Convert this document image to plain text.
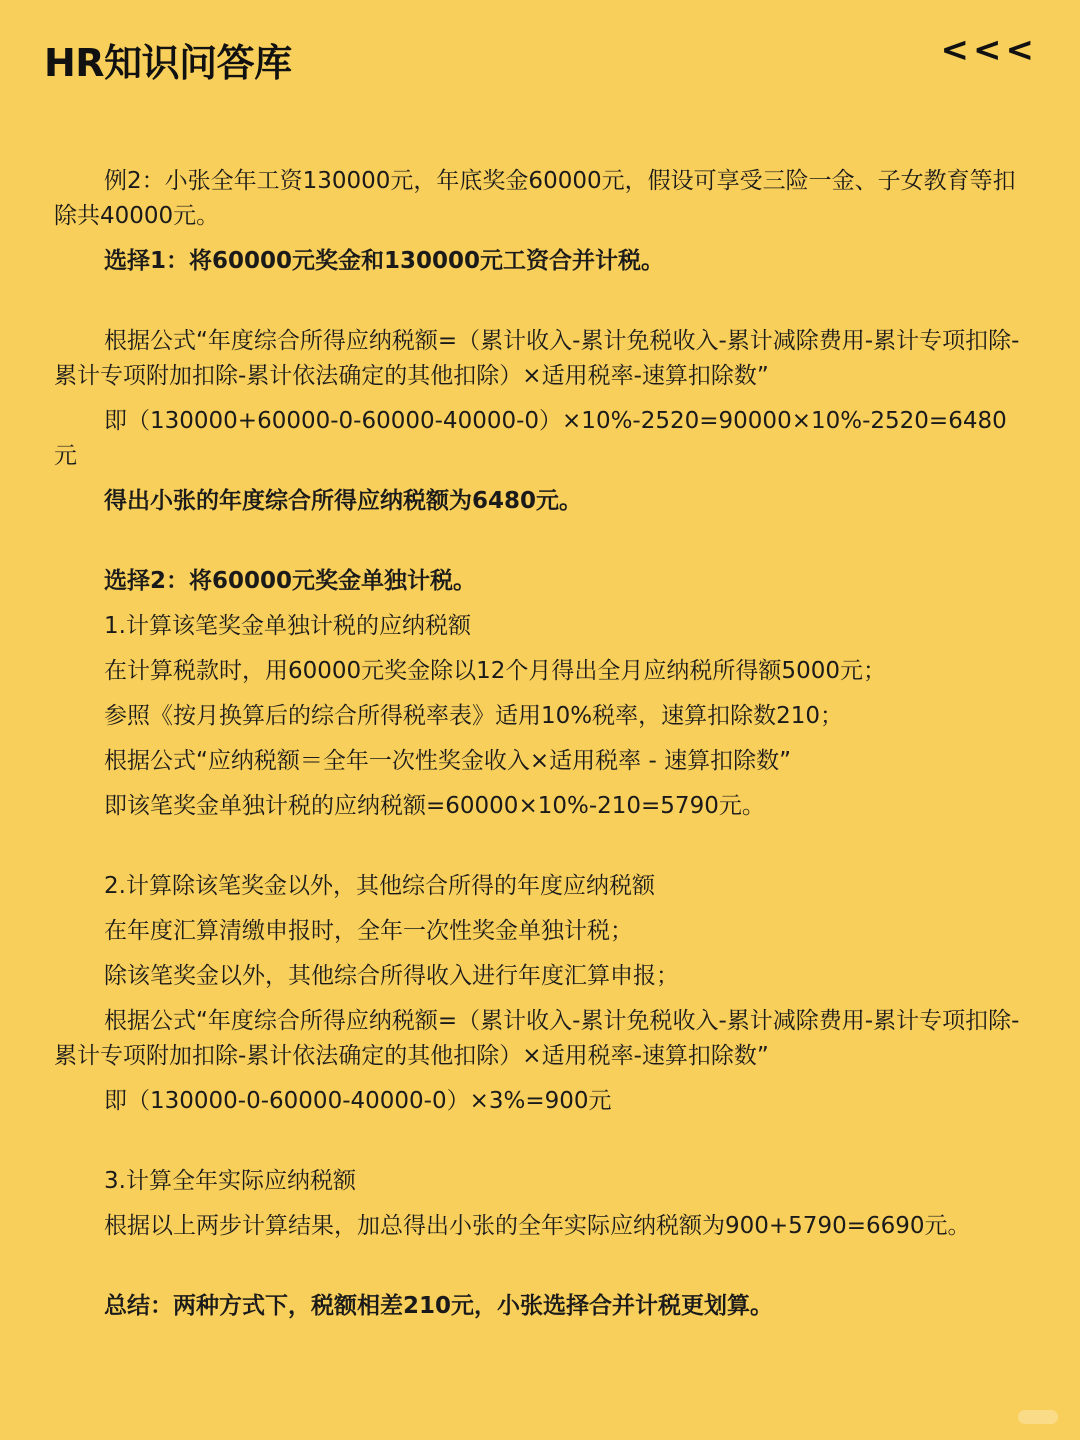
HR知识问答库	<<<

例2：小张全年工资130000元，年底奖金60000元，假设可享受三险一金、子女教育等扣除共40000元。

选择1：将60000元奖金和130000元工资合并计税。

根据公式“年度综合所得应纳税额=（累计收入-累计免税收入-累计减除费用-累计专项扣除-累计专项附加扣除-累计依法确定的其他扣除）×适用税率-速算扣除数”

即（130000+60000-0-60000-40000-0）×10%-2520=90000×10%-2520=6480元

得出小张的年度综合所得应纳税额为6480元。

选择2：将60000元奖金单独计税。

1.计算该笔奖金单独计税的应纳税额

在计算税款时，用60000元奖金除以12个月得出全月应纳税所得额5000元；

参照《按月换算后的综合所得税率表》适用10%税率，速算扣除数210；

根据公式“应纳税额＝全年一次性奖金收入×适用税率 - 速算扣除数”

即该笔奖金单独计税的应纳税额=60000×10%-210=5790元。

2.计算除该笔奖金以外，其他综合所得的年度应纳税额

在年度汇算清缴申报时，全年一次性奖金单独计税；

除该笔奖金以外，其他综合所得收入进行年度汇算申报；

根据公式“年度综合所得应纳税额=（累计收入-累计免税收入-累计减除费用-累计专项扣除-累计专项附加扣除-累计依法确定的其他扣除）×适用税率-速算扣除数”

即（130000-0-60000-40000-0）×3%=900元

3.计算全年实际应纳税额

根据以上两步计算结果，加总得出小张的全年实际应纳税额为900+5790=6690元。

总结：两种方式下，税额相差210元，小张选择合并计税更划算。
